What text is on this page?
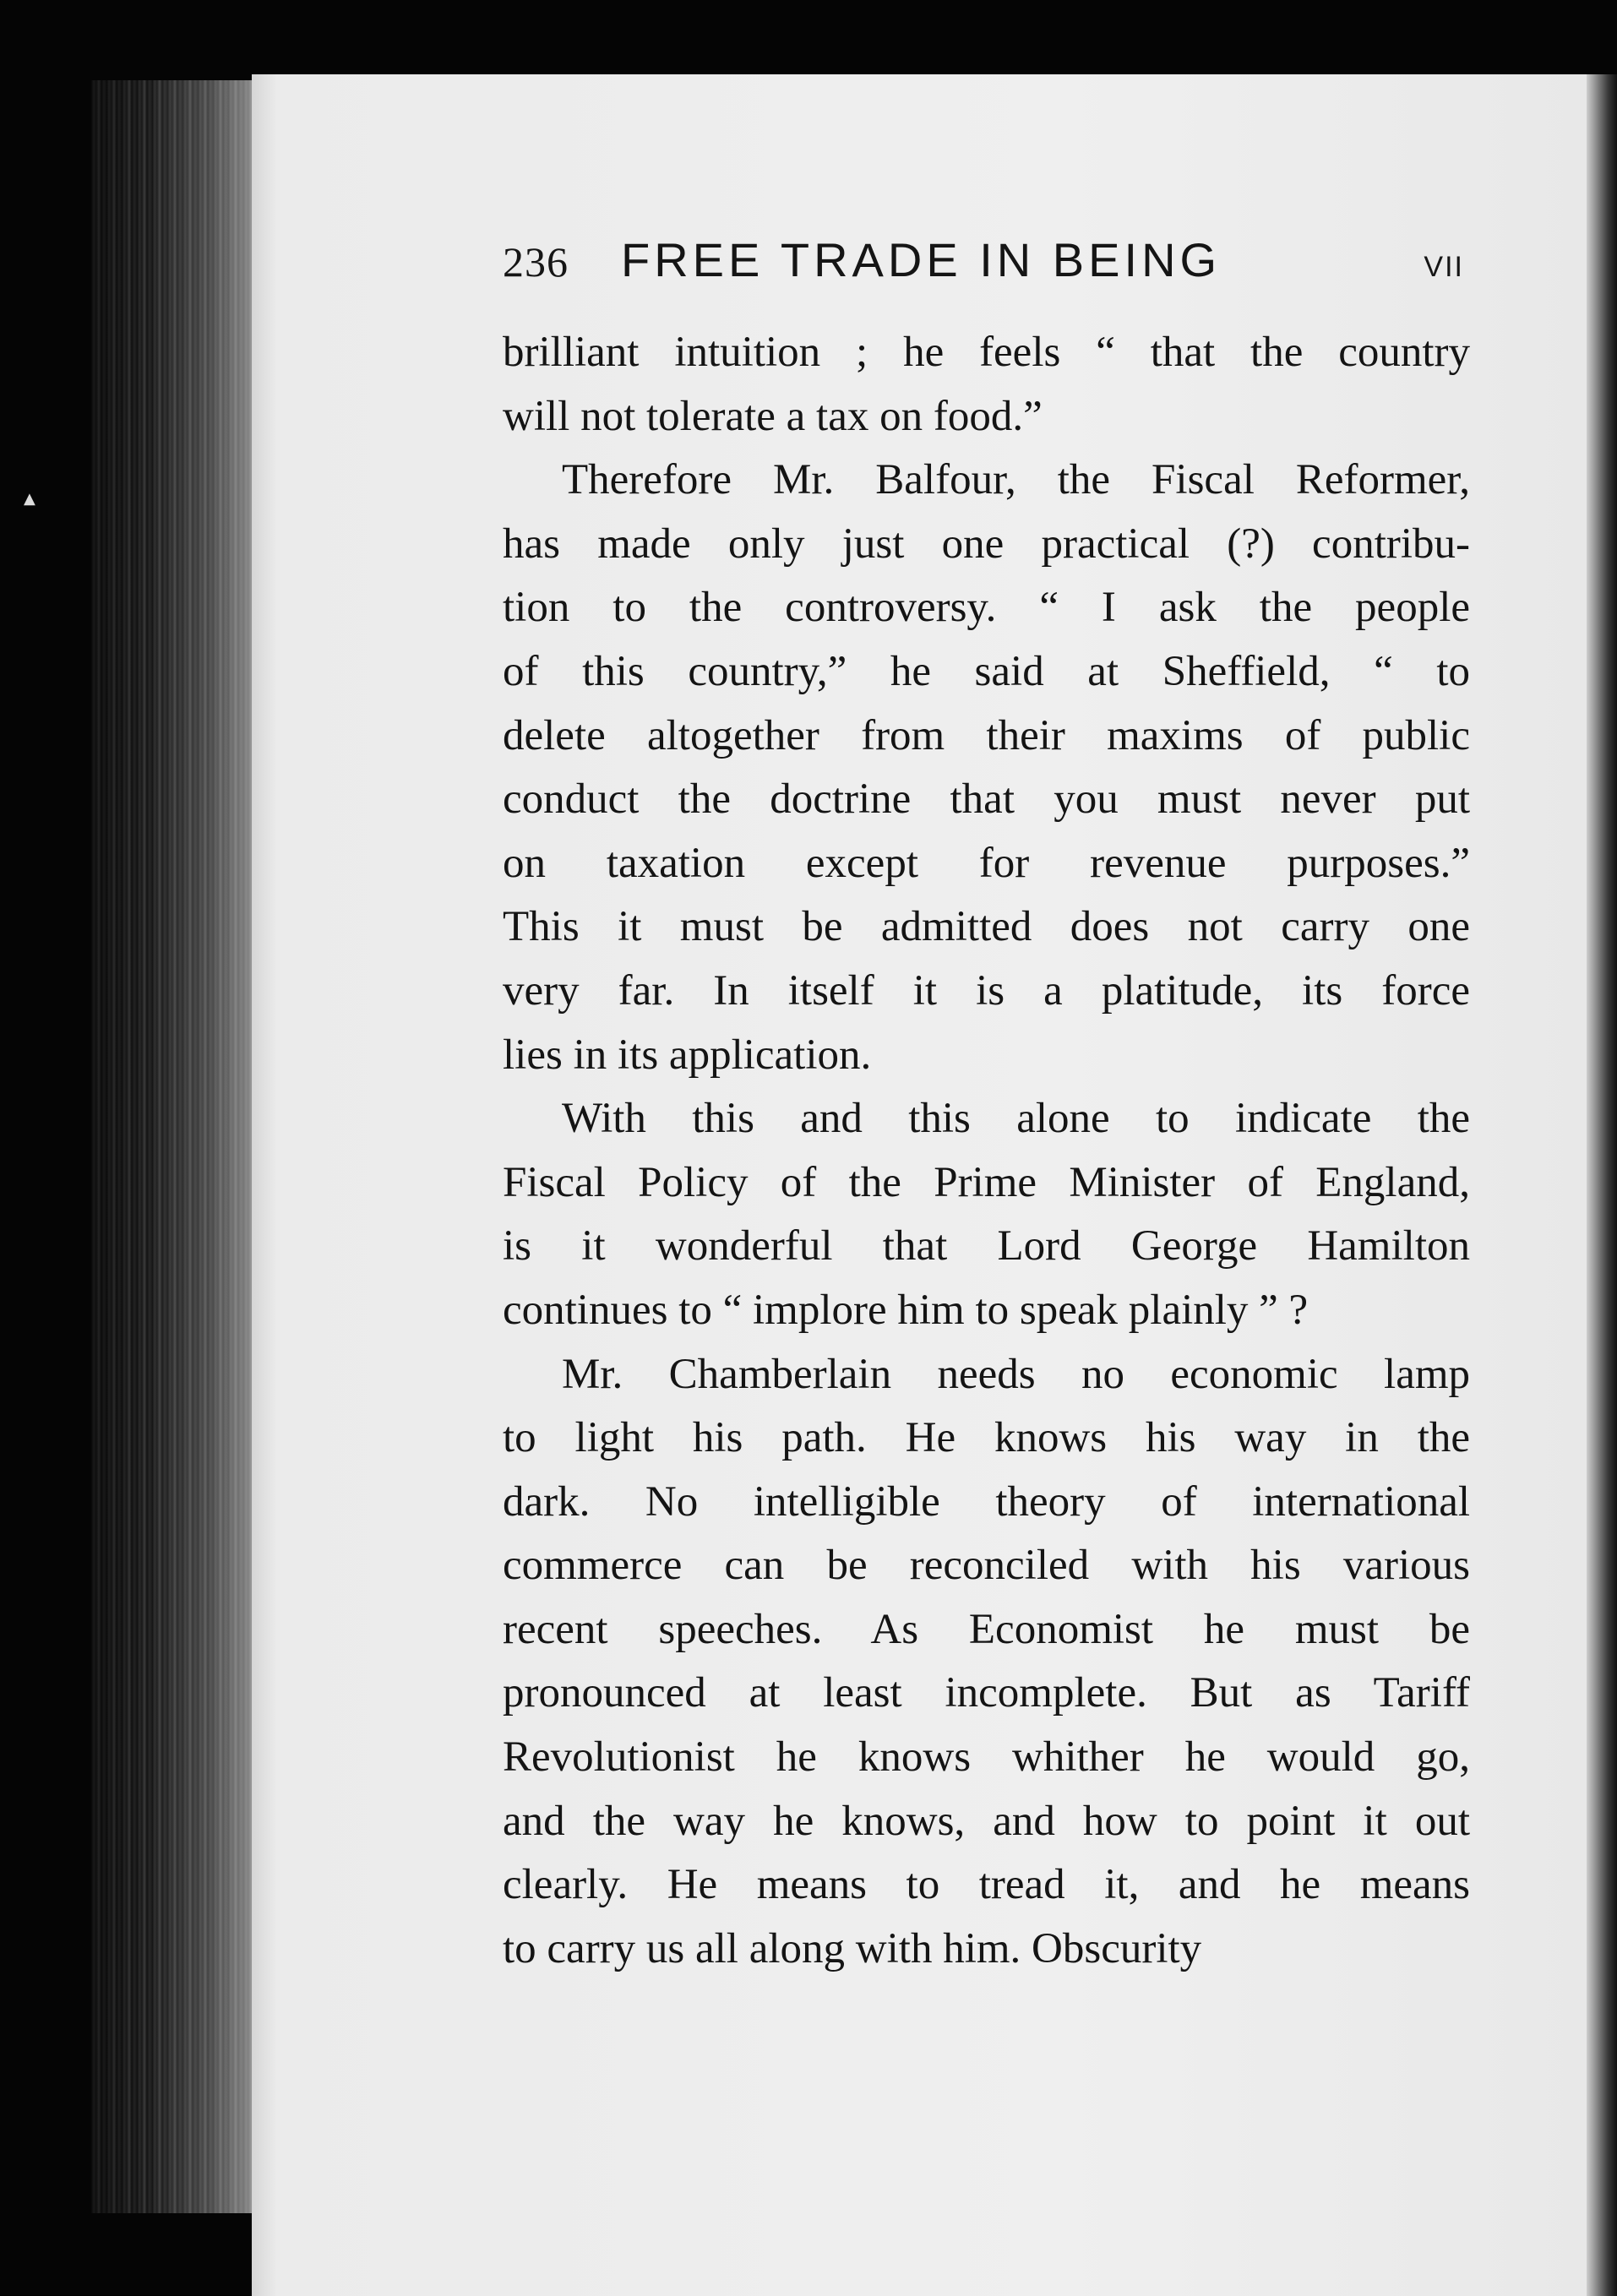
▲
236 FREE TRADE IN BEING	VII
brilliant intuition ; he feels “ that the country
will not tolerate a tax on food.”
Therefore Mr. Balfour, the Fiscal Reformer,
has made only just one practical (?) contribu-
tion to the controversy. “ I ask the people
of this country,” he said at Sheffield, “ to
delete altogether from their maxims of public
conduct the doctrine that you must never put
on taxation except for revenue purposes.”
This it must be admitted does not carry one
very far. In itself it is a platitude, its force
lies in its application.
With this and this alone to indicate the
Fiscal Policy of the Prime Minister of England,
is it wonderful that Lord George Hamilton
continues to “ implore him to speak plainly ” ?
Mr. Chamberlain needs no economic lamp
to light his path. He knows his way in the
dark. No intelligible theory of international
commerce can be reconciled with his various
recent speeches. As Economist he must be
pronounced at least incomplete. But as Tariff
Revolutionist he knows whither he would go,
and the way he knows, and how to point it out
clearly. He means to tread it, and he means
to carry us all along with him. Obscurity
